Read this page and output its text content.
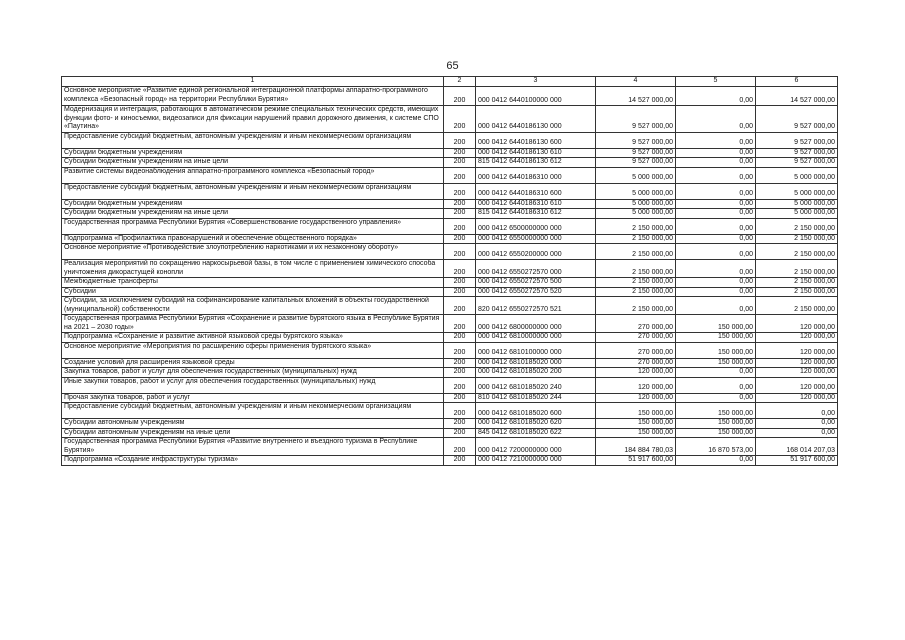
65
1	2	3	4	5	6
Основное мероприятие «Развитие единой региональной интеграционной платформы аппаратно-программного комплекса «Безопасный город» на территории Республики Бурятия»	200	000 0412 6440100000 000	14 527 000,00	0,00	14 527 000,00
Модернизация и интеграция, работающих в автоматическом режиме специальных технических средств, имеющих функции фото- и киносъемки, видеозаписи для фиксации нарушений правил дорожного движения, к системе СПО «Паутина»	200	000 0412 6440186130 000	9 527 000,00	0,00	9 527 000,00
Предоставление субсидий бюджетным, автономным учреждениям и иным некоммерческим организациям	200	000 0412 6440186130 600	9 527 000,00	0,00	9 527 000,00
Субсидии бюджетным учреждениям	200	000 0412 6440186130 610	9 527 000,00	0,00	9 527 000,00
Субсидии бюджетным учреждениям на иные цели	200	815 0412 6440186130 612	9 527 000,00	0,00	9 527 000,00
Развитие системы видеонаблюдения аппаратно-программного комплекса «Безопасный город»	200	000 0412 6440186310 000	5 000 000,00	0,00	5 000 000,00
Предоставление субсидий бюджетным, автономным учреждениям и иным некоммерческим организациям	200	000 0412 6440186310 600	5 000 000,00	0,00	5 000 000,00
Субсидии бюджетным учреждениям	200	000 0412 6440186310 610	5 000 000,00	0,00	5 000 000,00
Субсидии бюджетным учреждениям на иные цели	200	815 0412 6440186310 612	5 000 000,00	0,00	5 000 000,00
Государственная программа Республики Бурятия «Совершенствование государственного управления»	200	000 0412 6500000000 000	2 150 000,00	0,00	2 150 000,00
Подпрограмма «Профилактика правонарушений и обеспечение общественного порядка»	200	000 0412 6550000000 000	2 150 000,00	0,00	2 150 000,00
Основное мероприятие «Противодействие злоупотреблению наркотиками и их незаконному обороту»	200	000 0412 6550200000 000	2 150 000,00	0,00	2 150 000,00
Реализация мероприятий по сокращению наркосырьевой базы, в том числе с применением химического способа уничтожения дикорастущей конопли	200	000 0412 6550272570 000	2 150 000,00	0,00	2 150 000,00
Межбюджетные трансферты	200	000 0412 6550272570 500	2 150 000,00	0,00	2 150 000,00
Субсидии	200	000 0412 6550272570 520	2 150 000,00	0,00	2 150 000,00
Субсидии, за исключением субсидий на софинансирование капитальных вложений в объекты государственной (муниципальной) собственности	200	820 0412 6550272570 521	2 150 000,00	0,00	2 150 000,00
Государственная программа Республики Бурятия «Сохранение и развитие бурятского языка в Республике Бурятия на 2021 – 2030 годы»	200	000 0412 6800000000 000	270 000,00	150 000,00	120 000,00
Подпрограмма «Сохранение и развитие активной языковой среды бурятского языка»	200	000 0412 6810000000 000	270 000,00	150 000,00	120 000,00
Основное мероприятие «Мероприятия по расширению сферы применения бурятского языка»	200	000 0412 6810100000 000	270 000,00	150 000,00	120 000,00
Создание условий для расширения языковой среды	200	000 0412 6810185020 000	270 000,00	150 000,00	120 000,00
Закупка товаров, работ и услуг для обеспечения государственных (муниципальных) нужд	200	000 0412 6810185020 200	120 000,00	0,00	120 000,00
Иные закупки товаров, работ и услуг для обеспечения государственных (муниципальных) нужд	200	000 0412 6810185020 240	120 000,00	0,00	120 000,00
Прочая закупка товаров, работ и услуг	200	810 0412 6810185020 244	120 000,00	0,00	120 000,00
Предоставление субсидий бюджетным, автономным учреждениям и иным некоммерческим организациям	200	000 0412 6810185020 600	150 000,00	150 000,00	0,00
Субсидии автономным учреждениям	200	000 0412 6810185020 620	150 000,00	150 000,00	0,00
Субсидии автономным учреждениям на иные цели	200	845 0412 6810185020 622	150 000,00	150 000,00	0,00
Государственная программа Республики Бурятия «Развитие внутреннего и въездного туризма в Республике Бурятия»	200	000 0412 7200000000 000	184 884 780,03	16 870 573,00	168 014 207,03
Подпрограмма «Создание инфраструктуры туризма»	200	000 0412 7210000000 000	51 917 600,00	0,00	51 917 600,00
